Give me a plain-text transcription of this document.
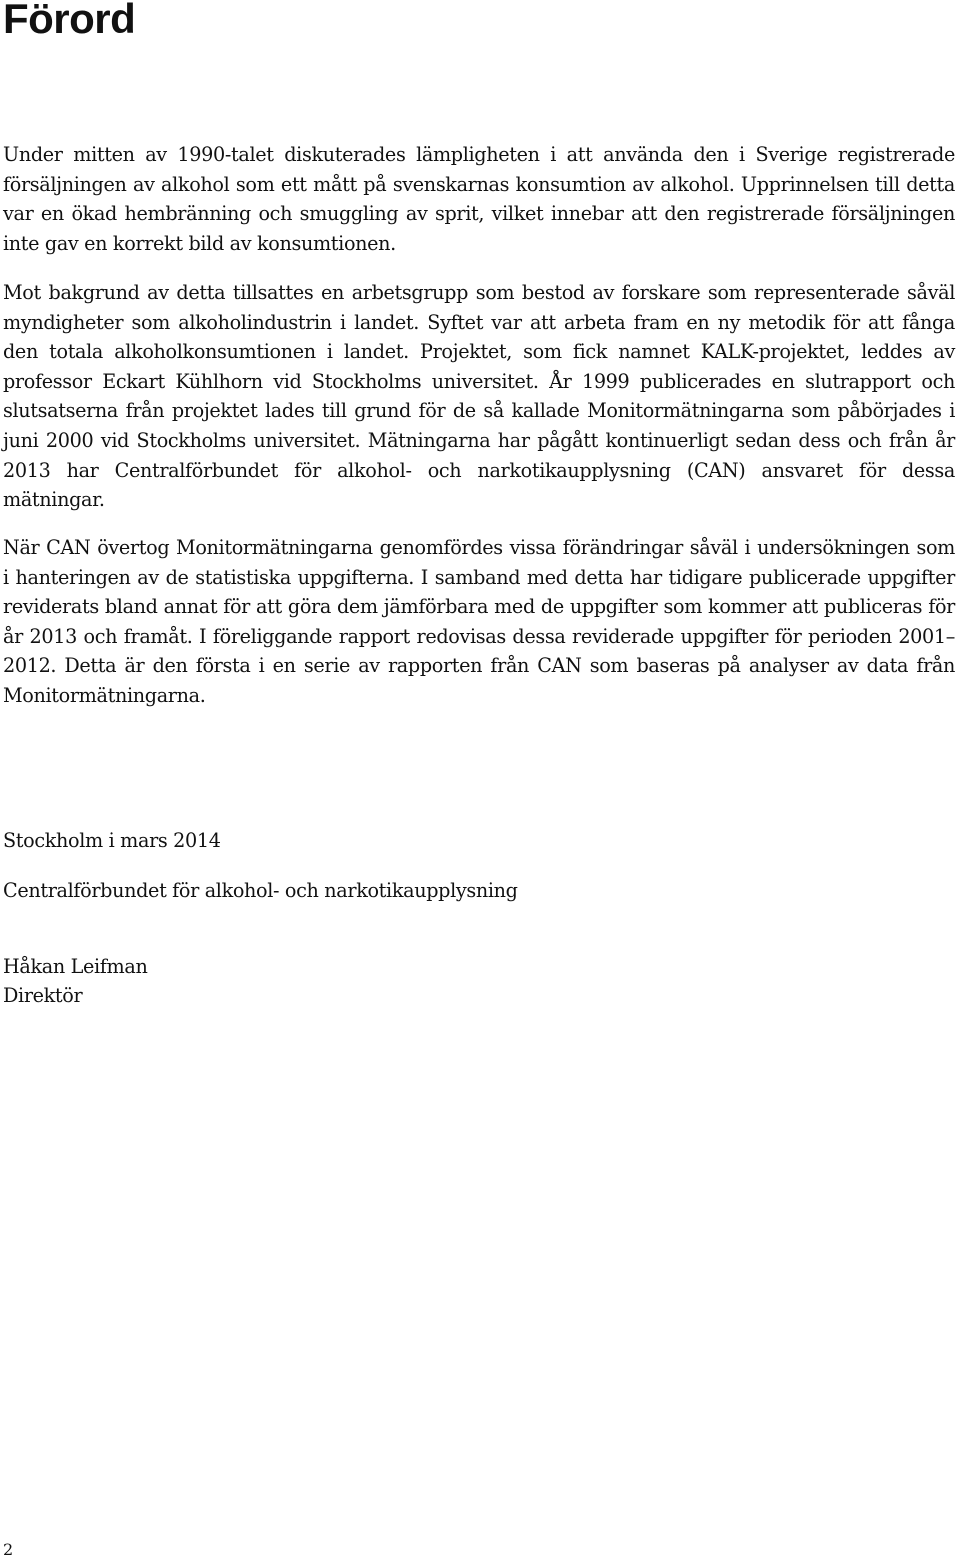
Förord

Under mitten av 1990-talet diskuterades lämpligheten i att använda den i Sverige registrerade försäljningen av alkohol som ett mått på svenskarnas konsumtion av alkohol. Upprinnelsen till detta var en ökad hembränning och smuggling av sprit, vilket innebar att den registrerade försäljningen inte gav en korrekt bild av konsumtionen.

Mot bakgrund av detta tillsattes en arbetsgrupp som bestod av forskare som representerade såväl myndigheter som alkoholindustrin i landet. Syftet var att arbeta fram en ny metodik för att fånga den totala alkoholkonsumtionen i landet. Projektet, som fick namnet KALK-projektet, leddes av professor Eckart Kühlhorn vid Stockholms universitet. År 1999 publicerades en slutrapport och slutsatserna från projektet lades till grund för de så kallade Monitormätningarna som påbörjades i juni 2000 vid Stockholms universitet. Mätningarna har pågått kontinuerligt sedan dess och från år 2013 har Centralförbundet för alkohol- och narkotikaupplysning (CAN) ansvaret för dessa mätningar.

När CAN övertog Monitormätningarna genomfördes vissa förändringar såväl i undersökningen som i hanteringen av de statistiska uppgifterna. I samband med detta har tidigare publicerade uppgifter reviderats bland annat för att göra dem jämförbara med de uppgifter som kommer att publiceras för år 2013 och framåt. I föreliggande rapport redovisas dessa reviderade uppgifter för perioden 2001–2012. Detta är den första i en serie av rapporten från CAN som baseras på analyser av data från Monitormätningarna.

Stockholm i mars 2014

Centralförbundet för alkohol- och narkotikaupplysning

Håkan Leifman

Direktör

2
